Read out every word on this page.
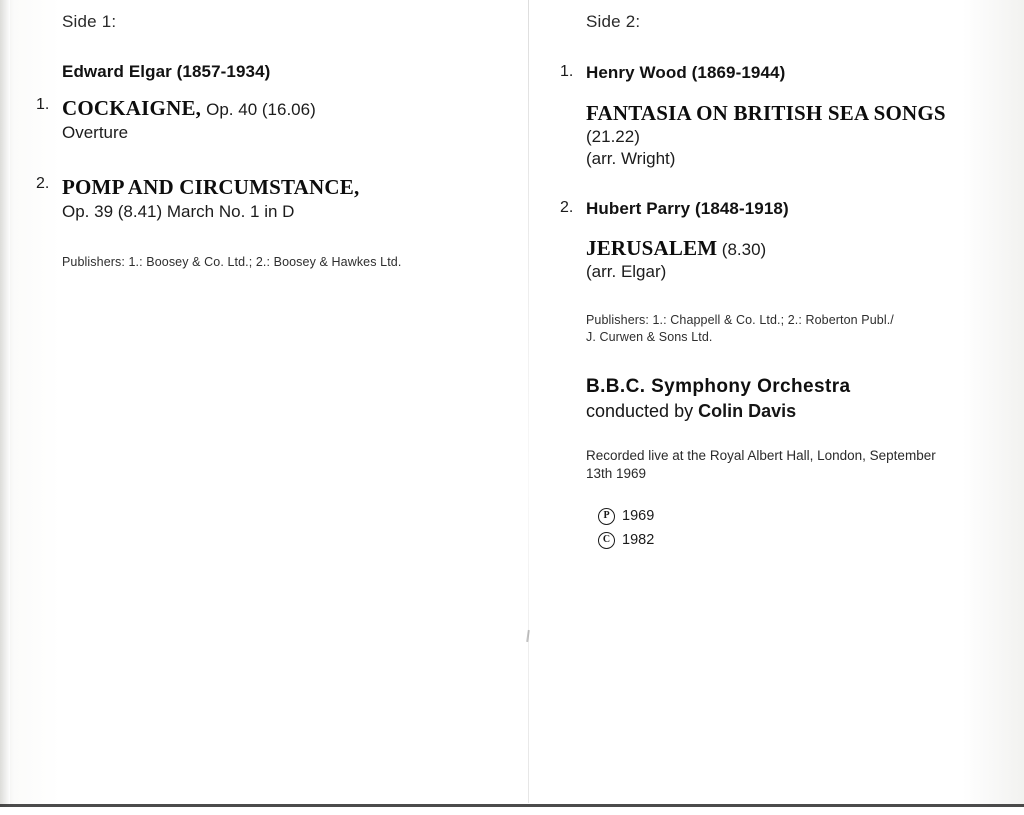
Side 1:
Edward Elgar (1857-1934)
1. COCKAIGNE, Op. 40 (16.06)
Overture
2. POMP AND CIRCUMSTANCE,
Op. 39 (8.41) March No. 1 in D
Publishers: 1.: Boosey & Co. Ltd.; 2.: Boosey & Hawkes Ltd.
Side 2:
1. Henry Wood (1869-1944)
FANTASIA ON BRITISH SEA SONGS
(21.22)
(arr. Wright)
2. Hubert Parry (1848-1918)
JERUSALEM (8.30)
(arr. Elgar)
Publishers: 1.: Chappell & Co. Ltd.; 2.: Roberton Publ./
J. Curwen & Sons Ltd.
B.B.C. Symphony Orchestra
conducted by Colin Davis
Recorded live at the Royal Albert Hall, London, September
13th 1969
P 1969
C 1982
